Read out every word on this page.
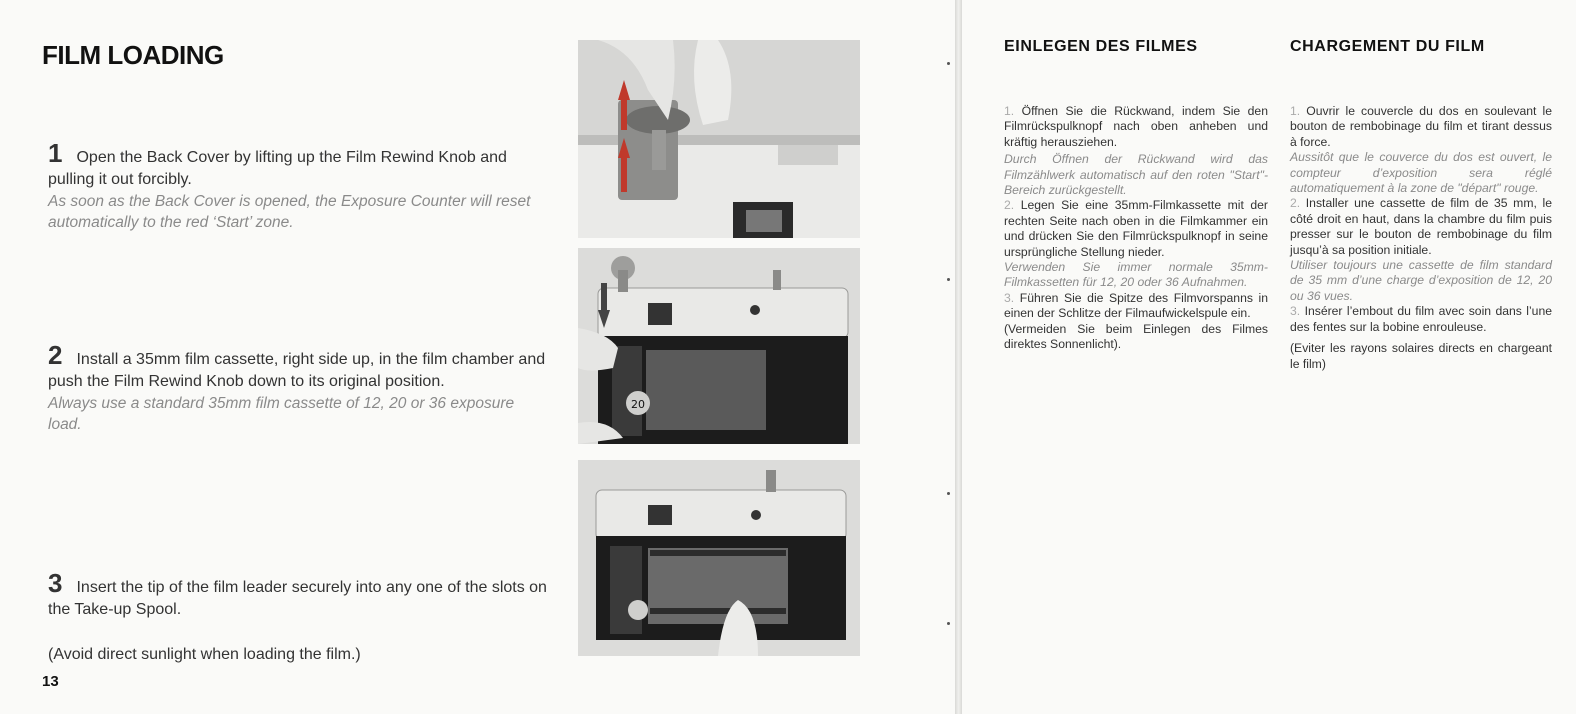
FILM LOADING
1 Open the Back Cover by lifting up the Film Rewind Knob and pulling it out forcibly.
As soon as the Back Cover is opened, the Exposure Counter will reset automatically to the red ‘Start’ zone.
2 Install a 35mm film cassette, right side up, in the film chamber and push the Film Rewind Knob down to its original position.
Always use a standard 35mm film cassette of 12, 20 or 36 exposure load.
3 Insert the tip of the film leader securely into any one of the slots on the Take-up Spool.

(Avoid direct sunlight when loading the film.)

13

20
EINLEGEN DES FILMES

1. Öffnen Sie die Rückwand, indem Sie den Filmrückspulknopf nach oben anheben und kräftig herausziehen.

Durch Öffnen der Rückwand wird das Filmzählwerk automatisch auf den roten "Start"-Bereich zurückgestellt.

2. Legen Sie eine 35mm-Filmkassette mit der rechten Seite nach oben in die Filmkammer ein und drücken Sie den Filmrückspulknopf in seine ursprüngliche Stellung nieder.

Verwenden Sie immer normale 35mm-Filmkassetten für 12, 20 oder 36 Aufnahmen.

3. Führen Sie die Spitze des Filmvorspanns in einen der Schlitze der Filmaufwickelspule ein.

(Vermeiden Sie beim Einlegen des Filmes direktes Sonnenlicht).

CHARGEMENT DU FILM

1. Ouvrir le couvercle du dos en soulevant le bouton de rembobinage du film et tirant dessus à force.

Aussitôt que le couverce du dos est ouvert, le compteur d’exposition sera réglé automatiquement à la zone de "départ" rouge.

2. Installer une cassette de film de 35 mm, le côté droit en haut, dans la chambre du film puis presser sur le bouton de rembobinage du film jusqu’à sa position initiale.

Utiliser toujours une cassette de film standard de 35 mm d’une charge d’exposition de 12, 20 ou 36 vues.

3. Insérer l’embout du film avec soin dans l’une des fentes sur la bobine enrouleuse.

(Eviter les rayons solaires directs en chargeant le film)
